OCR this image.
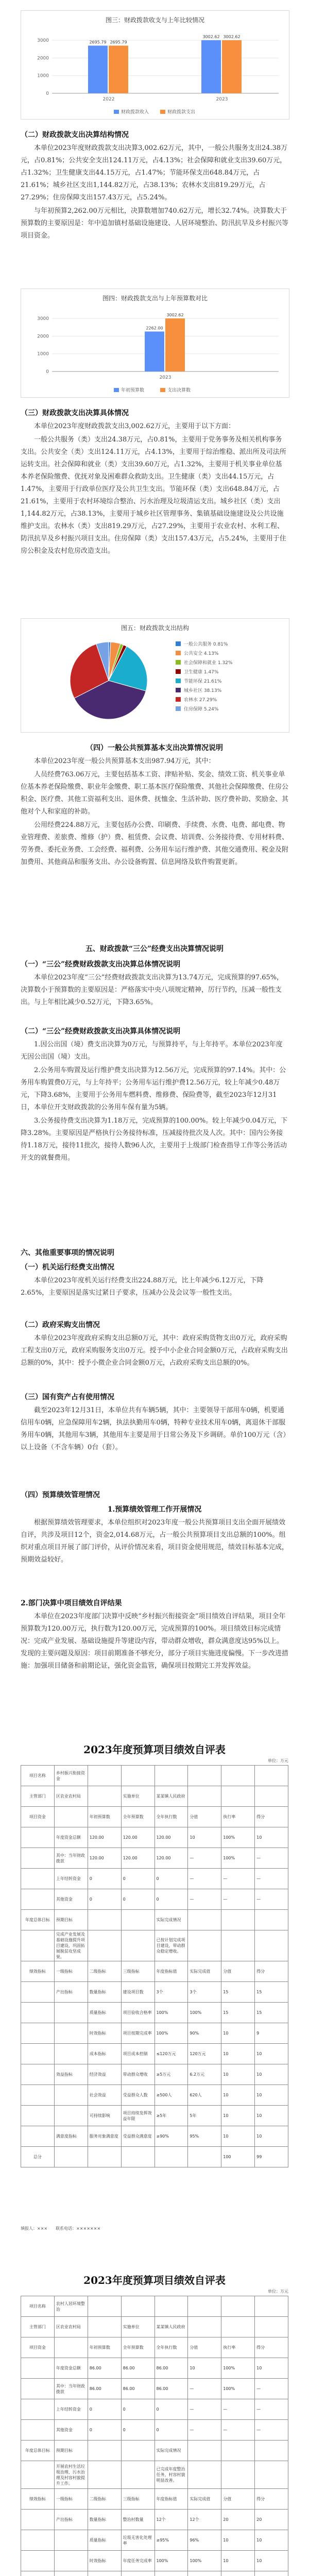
图三：财政拨款收支与上年比较情况
0
1000
2000
3000
2022
2695.79 2695.79
2023
3002.62 3002.62
财政拨款收入	财政拨款支出
（二）财政拨款支出决算结构情况

本单位2023年度财政拨款支出决算3,002.62万元，其中，一般公共服务支出24.38万元，占0.81%；公共安全支出124.11万元，占4.13%；社会保障和就业支出39.60万元，占1.32%；卫生健康支出44.15万元，占1.47%；节能环保支出648.84万元，占21.61%；城乡社区支出1,144.82万元，占38.13%；农林水支出819.29万元，占27.29%；住房保障支出157.43万元，占5.24%。

与年初预算2,262.00万元相比，决算数增加740.62万元，增长32.74%。决算数大于预算数的主要原因是：年中追加镇村基础设施建设、人居环境整治、防汛抗旱及乡村振兴等项目资金。

图四：财政拨款支出与上年预算数对比
0
1000
2000
3000
2023
2262.00
3002.62
年初预算数	支出决算数
（三）财政拨款支出决算具体情况

本单位2023年度财政拨款支出3,002.62万元，主要用于以下方面：

一般公共服务（类）支出24.38万元，占0.81%，主要用于党务事务及相关机构事务支出。公共安全（类）支出124.11万元，占4.13%，主要用于综治维稳、派出所及司法所运转支出。社会保障和就业（类）支出39.60万元，占1.32%，主要用于机关事业单位基本养老保险缴费、优抚对象及困难群众救助支出。卫生健康（类）支出44.15万元，占1.47%，主要用于行政单位医疗及公共卫生支出。节能环保（类）支出648.84万元，占21.61%，主要用于农村环境综合整治、污水治理及垃圾清运支出。城乡社区（类）支出1,144.82万元，占38.13%，主要用于城乡社区管理事务、集镇基础设施建设及公共设施维护支出。农林水（类）支出819.29万元，占27.29%，主要用于农业农村、水利工程、防汛抗旱及乡村振兴项目支出。住房保障（类）支出157.43万元，占5.24%，主要用于住房公积金及农村危房改造支出。

图五：财政拨款支出结构
一般公共服务 0.81%
公共安全 4.13%
社会保障和就业 1.32%
卫生健康 1.47%
节能环保 21.61%
城乡社区 38.13%
农林水 27.29%
住房保障 5.24%
（四）一般公共预算基本支出决算情况说明

本单位2023年度一般公共预算基本支出987.94万元，其中：

人员经费763.06万元，主要包括基本工资、津贴补贴、奖金、绩效工资、机关事业单位基本养老保险缴费、职业年金缴费、职工基本医疗保险缴费、其他社会保障缴费、住房公积金、医疗费、其他工资福利支出、退休费、抚恤金、生活补助、医疗费补助、奖励金、其他对个人和家庭的补助。

公用经费224.88万元，主要包括办公费、印刷费、手续费、水费、电费、邮电费、物业管理费、差旅费、维修（护）费、租赁费、会议费、培训费、公务接待费、专用材料费、劳务费、委托业务费、工会经费、福利费、公务用车运行维护费、其他交通费用、税金及附加费用、其他商品和服务支出、办公设备购置、信息网络及软件购置更新。

五、财政拨款“三公”经费支出决算情况说明
（一）“三公”经费财政拨款支出决算总体情况说明

本单位2023年度“三公”经费财政拨款支出决算为13.74万元，完成预算的97.65%，决算数小于预算数的主要原因是：严格落实中央八项规定精神，厉行节约，压减一般性支出。与上年相比减少0.52万元，下降3.65%。

（二）“三公”经费财政拨款支出决算具体情况说明

1.因公出国（境）费支出决算为0万元，与预算持平，与上年持平。本单位2023年度无因公出国（境）支出。

2.公务用车购置及运行维护费支出决算为12.56万元，完成预算的97.14%。其中：公务用车购置费0万元，与上年持平；公务用车运行维护费12.56万元，较上年减少0.48万元，下降3.68%，主要用于公务用车燃料费、维修费、保险费等，截至2023年12月31日，本单位开支财政拨款的公务用车保有量为5辆。

3.公务接待费支出决算为1.18万元，完成预算的100.00%。较上年减少0.04万元，下降3.28%。主要原因是严格执行公务接待标准，压减接待批次及人次。其中：国内公务接待1.18万元，接待11批次，接待人数96人次，主要用于上级部门检查指导工作等公务活动开支的就餐费用。

六、其他重要事项的情况说明
（一）机关运行经费支出情况

本单位2023年度机关运行经费支出224.88万元，比上年减少6.12万元，下降2.65%，主要原因是落实过紧日子要求，压减办公及会议等一般性支出。

（二）政府采购支出情况

本单位2023年度政府采购支出总额0万元，其中：政府采购货物支出0万元，政府采购工程支出0万元，政府采购服务支出0万元。授予中小企业合同金额0万元，占政府采购支出总额的0%，其中：授予小微企业合同金额0万元，占政府采购支出总额的0%。

（三）国有资产占有使用情况

截至2023年12月31日，本单位共有车辆5辆，其中：主要领导干部用车0辆，机要通信用车0辆，应急保障用车2辆，执法执勤用车0辆，特种专业技术用车0辆，离退休干部服务用车0辆，其他用车3辆，其他用车主要是用于日常公务及下乡调研。单价100万元（含）以上设备（不含车辆）0台（套）。

（四）预算绩效管理情况
1.预算绩效管理工作开展情况

根据预算绩效管理要求，本单位组织对2023年度一般公共预算项目支出全面开展绩效自评，共涉及项目12个，资金2,014.68万元，占一般公共预算项目支出总额的100%。组织对重点项目开展了部门评价，从评价情况来看，项目资金使用规范，绩效目标基本完成，预期效益较好。

2.部门决算中项目绩效自评结果

本单位在2023年度部门决算中反映“乡村振兴衔接资金”项目绩效自评结果，项目全年预算数为120.00万元，执行数为120.00万元，完成预算的100%。项目绩效目标完成情况：完成产业发展、基础设施提升等建设内容，带动群众增收，群众满意度达95%以上。发现的主要问题及原因：项目前期准备不够充分，部分子项目实施进度偏慢。下一步改进措施：加强项目储备和前期论证，强化资金监管，确保项目按期完工并发挥效益。

2023年度预算项目绩效自评表
单位：万元
项目名称	乡村振兴衔接资金						
主管部门	区农业农村局		实施单位	某某镇人民政府			
项目资金		年初预算数	全年预算数	全年执行数	分值	执行率	得分
	年度资金总额	120.00	120.00	120.00	10	100%	10
	其中：当年财政拨款	120.00	120.00	120.00	—	100%	—
	上年结转资金	0	0	0	—	—	—
	其他资金	0	0	0	—	—	—
年度总体目标	预期目标			实际完成情况			
	完成产业发展及基础设施提升项目建设，巩固拓展脱贫攻坚成果。			已按计划完成项目建设，带动群众稳定增收。			
绩效指标	一级指标	二级指标	三级指标	年度指标值	实际完成值	分值	得分
	产出指标	数量指标	建设项目数	3个	3个	15	15
		质量指标	项目验收合格率	100%	100%	15	15
		时效指标	项目按期完成率	100%	90%	10	9
		成本指标	项目成本控制	≤120万元	120万元	10	10
	效益指标	经济效益	带动群众增收	≥5万元	6.2万元	10	10
		社会效益	受益群众人数	≥500人	620人	10	10
		可持续影响	项目持续发挥效益年限	≥5年	5年	10	10
	满意度指标	服务对象满意度	受益群众满意度	≥90%	95%	10	10
总分						100	99
填报人：×××　　联系电话：×××××××
2023年度预算项目绩效自评表
单位：万元
项目名称	农村人居环境整治						
主管部门	区农业农村局		实施单位	某某镇人民政府			
项目资金		年初预算数	全年预算数	全年执行数	分值	执行率	得分
	年度资金总额	86.00	86.00	86.00	10	100%	10
	其中：当年财政拨款	86.00	86.00	86.00	—	100%	—
	上年结转资金	0	0	0	—	—	—
	其他资金	0	0	0	—	—	—
年度总体目标	预期目标			实际完成情况			
	开展农村生活垃圾治理、污水治理及村容村貌提升工作。			已完成年度整治任务，村容村貌明显改善。			
绩效指标	一级指标	二级指标	三级指标	年度指标值	实际完成值	分值	得分
	产出指标	数量指标	整治村数量	12个	12个	20	20
		质量指标	垃圾无害化处理率	≥95%	96%	10	10
		时效指标	年度任务完成率	100%	100%	10	10
